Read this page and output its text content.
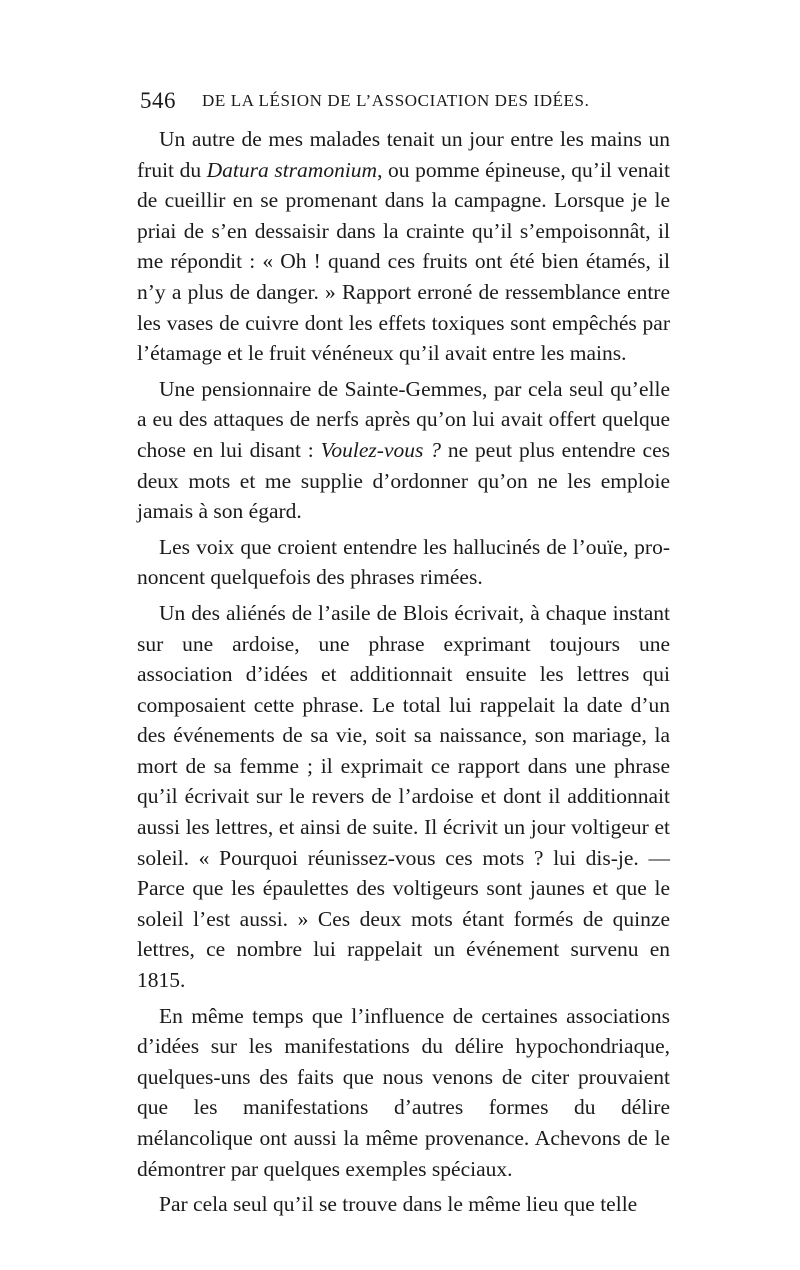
546 DE LA LÉSION DE L’ASSOCIATION DES IDÉES.

Un autre de mes malades tenait un jour entre les mains un fruit du Datura stramonium, ou pomme épineuse, qu’il venait de cueillir en se promenant dans la campagne. Lorsque je le priai de s’en dessaisir dans la crainte qu’il s’empoisonnât, il me répondit : « Oh ! quand ces fruits ont été bien étamés, il n’y a plus de danger. » Rapport erroné de ressemblance entre les vases de cuivre dont les effets toxiques sont empêchés par l’étamage et le fruit vénéneux qu’il avait entre les mains.

Une pensionnaire de Sainte-Gemmes, par cela seul qu’elle a eu des attaques de nerfs après qu’on lui avait offert quelque chose en lui disant : Voulez-vous ? ne peut plus entendre ces deux mots et me supplie d’ordonner qu’on ne les emploie jamais à son égard.

Les voix que croient entendre les hallucinés de l’ouïe, prononcent quelquefois des phrases rimées.

Un des aliénés de l’asile de Blois écrivait, à chaque instant sur une ardoise, une phrase exprimant toujours une association d’idées et additionnait ensuite les lettres qui composaient cette phrase. Le total lui rappelait la date d’un des événements de sa vie, soit sa naissance, son mariage, la mort de sa femme ; il exprimait ce rapport dans une phrase qu’il écrivait sur le revers de l’ardoise et dont il additionnait aussi les lettres, et ainsi de suite. Il écrivit un jour voltigeur et soleil. « Pourquoi réunissez-vous ces mots ? lui dis-je. — Parce que les épaulettes des voltigeurs sont jaunes et que le soleil l’est aussi. » Ces deux mots étant formés de quinze lettres, ce nombre lui rappelait un événement survenu en 1815.

En même temps que l’influence de certaines associations d’idées sur les manifestations du délire hypochondriaque, quelques-uns des faits que nous venons de citer prouvaient que les manifestations d’autres formes du délire mélancolique ont aussi la même provenance. Achevons de le démontrer par quelques exemples spéciaux.

Par cela seul qu’il se trouve dans le même lieu que telle
